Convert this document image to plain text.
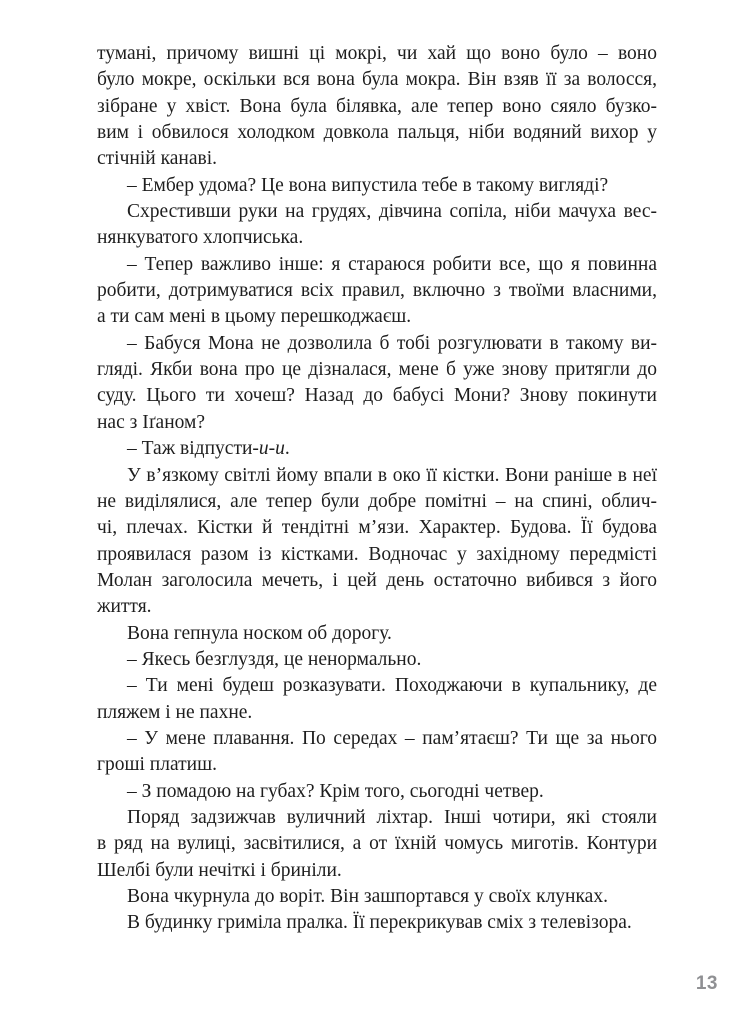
тумані, причому вишні ці мокрі, чи хай що воно було – воно
було мокре, оскільки вся вона була мокра. Він взяв її за волосся,
зібране у хвіст. Вона була білявка, але тепер воно сяяло бузко-
вим і обвилося холодком довкола пальця, ніби водяний вихор у
стічній канаві.

– Ембер удома? Це вона випустила тебе в такому вигляді?

Схрестивши руки на грудях, дівчина сопіла, ніби мачуха вес-
нянкуватого хлопчиська.

– Тепер важливо інше: я стараюся робити все, що я повинна
робити, дотримуватися всіх правил, включно з твоїми власними,
а ти сам мені в цьому перешкоджаєш.

– Бабуся Мона не дозволила б тобі розгулювати в такому ви-
гляді. Якби вона про це дізналася, мене б уже знову притягли до
суду. Цього ти хочеш? Назад до бабусі Мони? Знову покинути
нас з Іґаном?

– Таж відпусти-и-и.

У в’язкому світлі йому впали в око її кістки. Вони раніше в неї
не виділялися, але тепер були добре помітні – на спині, облич-
чі, плечах. Кістки й тендітні м’язи. Характер. Будова. Її будова
проявилася разом із кістками. Водночас у західному передмісті
Молан заголосила мечеть, і цей день остаточно вибився з його
життя.

Вона гепнула носком об дорогу.

– Якесь безглуздя, це ненормально.

– Ти мені будеш розказувати. Походжаючи в купальнику, де
пляжем і не пахне.

– У мене плавання. По середах – пам’ятаєш? Ти ще за нього
гроші платиш.

– З помадою на губах? Крім того, сьогодні четвер.

Поряд задзижчав вуличний ліхтар. Інші чотири, які стояли
в ряд на вулиці, засвітилися, а от їхній чомусь миготів. Контури
Шелбі були нечіткі і бриніли.

Вона чкурнула до воріт. Він зашпортався у своїх клунках.

В будинку гриміла пралка. Її перекрикував сміх з телевізора.

13
